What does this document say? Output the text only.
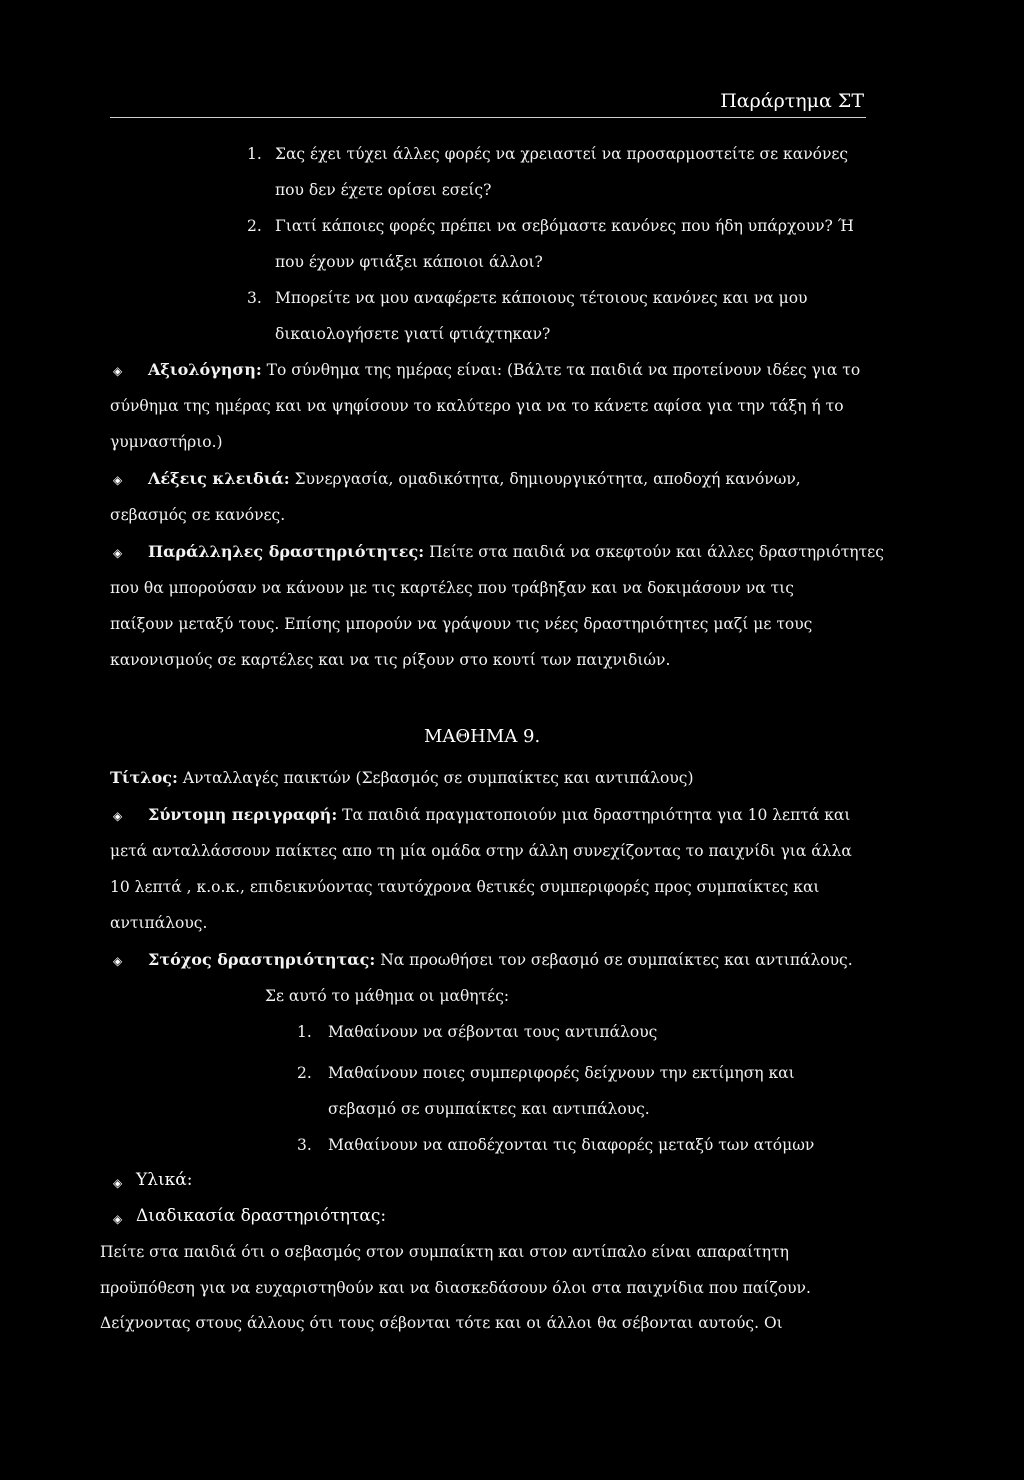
Παράρτημα ΣΤ
1. Σας έχει τύχει άλλες φορές να χρειαστεί να προσαρμοστείτε σε κανόνες
που δεν έχετε ορίσει εσείς?
2. Γιατί κάποιες φορές πρέπει να σεβόμαστε κανόνες που ήδη υπάρχουν? Ή
που έχουν φτιάξει κάποιοι άλλοι?
3. Μπορείτε να μου αναφέρετε κάποιους τέτοιους κανόνες και να μου
δικαιολογήσετε γιατί φτιάχτηκαν?
◈ Αξιολόγηση: Το σύνθημα της ημέρας είναι: (Βάλτε τα παιδιά να προτείνουν ιδέες για το
σύνθημα της ημέρας και να ψηφίσουν το καλύτερο για να το κάνετε αφίσα για την τάξη ή το
γυμναστήριο.)
◈ Λέξεις κλειδιά: Συνεργασία, ομαδικότητα, δημιουργικότητα, αποδοχή κανόνων,
σεβασμός σε κανόνες.
◈ Παράλληλες δραστηριότητες: Πείτε στα παιδιά να σκεφτούν και άλλες δραστηριότητες
που θα μπορούσαν να κάνουν με τις καρτέλες που τράβηξαν και να δοκιμάσουν να τις
παίξουν μεταξύ τους. Επίσης μπορούν να γράψουν τις νέες δραστηριότητες μαζί με τους
κανονισμούς σε καρτέλες και να τις ρίξουν στο κουτί των παιχνιδιών.
ΜΑΘΗΜΑ 9.
Τίτλος: Ανταλλαγές παικτών (Σεβασμός σε συμπαίκτες και αντιπάλους)
◈ Σύντομη περιγραφή: Τα παιδιά πραγματοποιούν μια δραστηριότητα για 10 λεπτά και
μετά ανταλλάσσουν παίκτες απο τη μία ομάδα στην άλλη συνεχίζοντας το παιχνίδι για άλλα
10 λεπτά , κ.ο.κ., επιδεικνύοντας ταυτόχρονα θετικές συμπεριφορές προς συμπαίκτες και
αντιπάλους.
◈ Στόχος δραστηριότητας: Να προωθήσει τον σεβασμό σε συμπαίκτες και αντιπάλους.
Σε αυτό το μάθημα οι μαθητές:
1. Μαθαίνουν να σέβονται τους αντιπάλους
2. Μαθαίνουν ποιες συμπεριφορές δείχνουν την εκτίμηση και
σεβασμό σε συμπαίκτες και αντιπάλους.
3. Μαθαίνουν να αποδέχονται τις διαφορές μεταξύ των ατόμων
◈ Υλικά:
◈ Διαδικασία δραστηριότητας:
Πείτε στα παιδιά ότι ο σεβασμός στον συμπαίκτη και στον αντίπαλο είναι απαραίτητη
προϋπόθεση για να ευχαριστηθούν και να διασκεδάσουν όλοι στα παιχνίδια που παίζουν.
Δείχνοντας στους άλλους ότι τους σέβονται τότε και οι άλλοι θα σέβονται αυτούς. Οι
